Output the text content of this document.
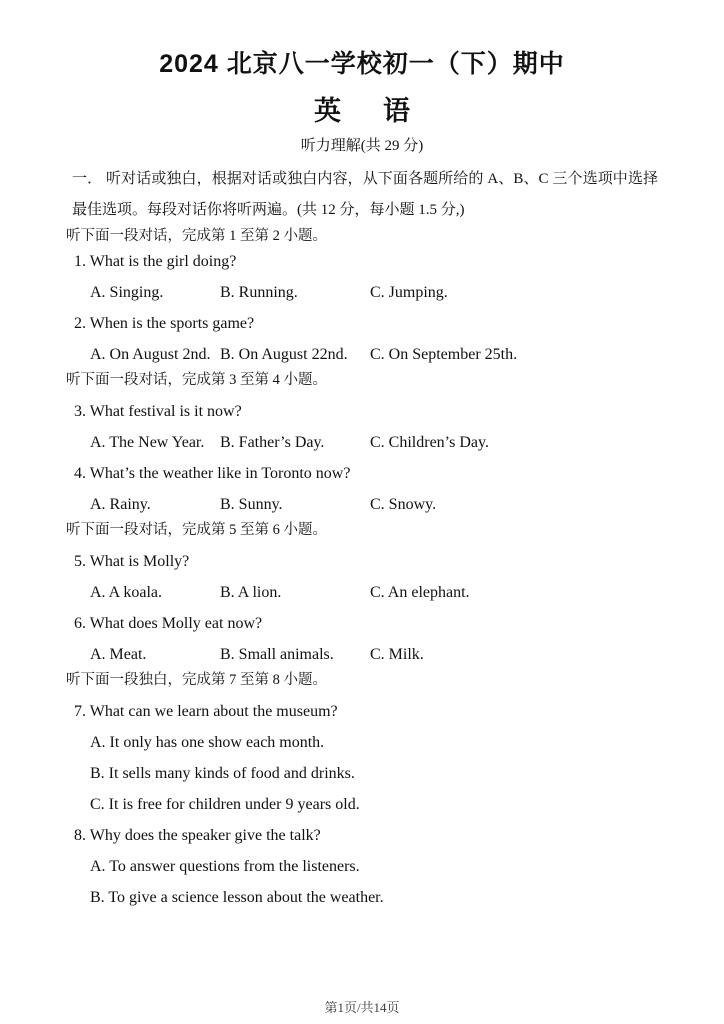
2024 北京八一学校初一（下）期中
英 语
听力理解(共 29 分)

一． 听对话或独白，根据对话或独白内容，从下面各题所给的 A、B、C 三个选项中选择最佳选项。每段对话你将听两遍。(共 12 分，每小题 1.5 分,)

听下面一段对话，完成第 1 至第 2 小题。
1. What is the girl doing?
A. Singing.	B. Running.	C. Jumping.
2. When is the sports game?
A. On August 2nd. B. On August 22nd.	C. On September 25th.
听下面一段对话，完成第 3 至第 4 小题。
3. What festival is it now?
A. The New Year. B. Father’s Day.	C. Children’s Day.
4. What’s the weather like in Toronto now?
A. Rainy.	B. Sunny.	C. Snowy.
听下面一段对话，完成第 5 至第 6 小题。
5. What is Molly?
A. A koala.	B. A lion.	C. An elephant.
6. What does Molly eat now?
A. Meat.	B. Small animals.	C. Milk.
听下面一段独白，完成第 7 至第 8 小题。
7. What can we learn about the museum?
A. It only has one show each month.
B. It sells many kinds of food and drinks.
C. It is free for children under 9 years old.
8. Why does the speaker give the talk?
A. To answer questions from the listeners.
B. To give a science lesson about the weather.
第1页/共14页
